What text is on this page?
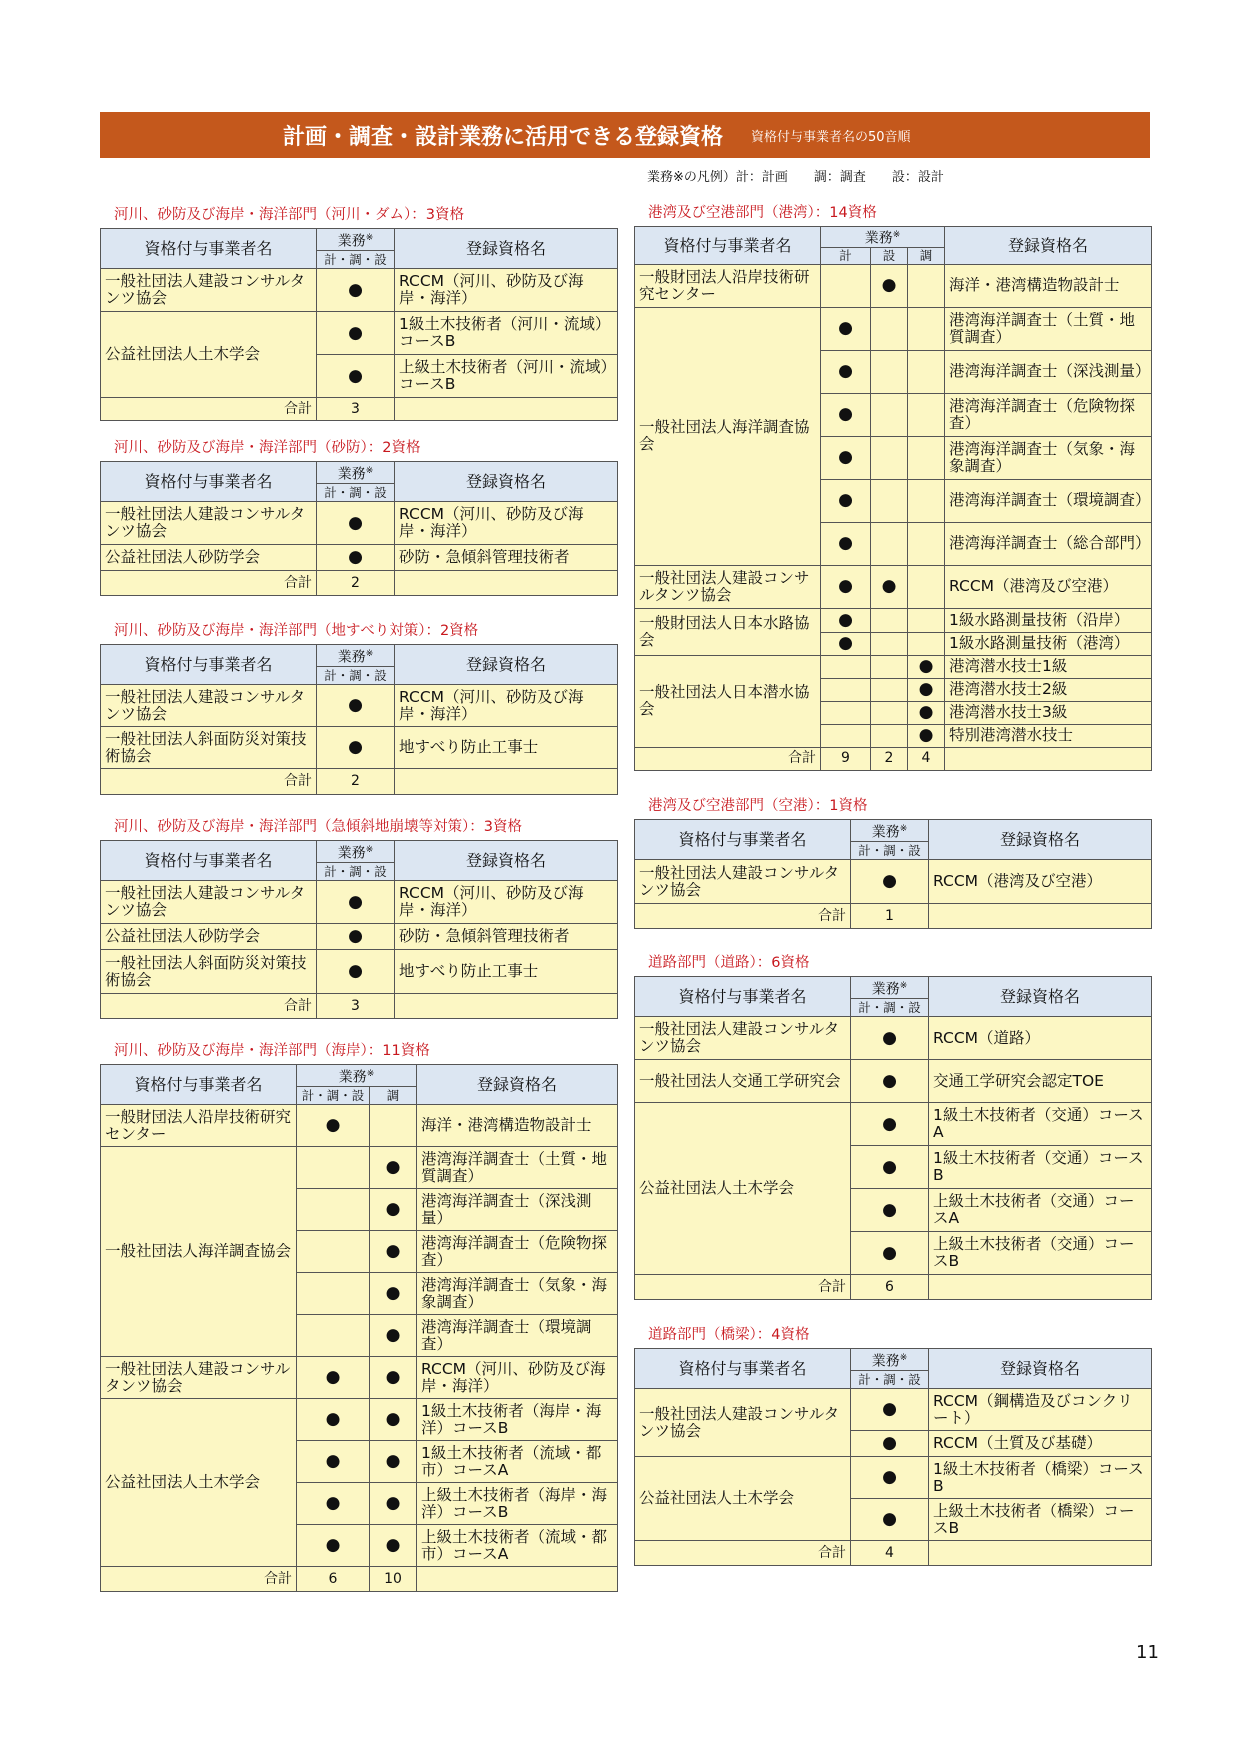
計画・調査・設計業務に活用できる登録資格 資格付与事業者名の50音順
業務※の凡例）計：計画　　調：調査　　設：設計
河川、砂防及び海岸・海洋部門（河川・ダム）：3資格
資格付与事業者名	業務※	登録資格名
	計・調・設	
一般社団法人建設コンサルタンツ協会	●	RCCM（河川、砂防及び海岸・海洋）
公益社団法人土木学会	●	1級土木技術者（河川・流域）コースB
	●	上級土木技術者（河川・流域）コースB
合計	3	
河川、砂防及び海岸・海洋部門（砂防）：2資格
資格付与事業者名	業務※	登録資格名
	計・調・設	
一般社団法人建設コンサルタンツ協会	●	RCCM（河川、砂防及び海岸・海洋）
公益社団法人砂防学会	●	砂防・急傾斜管理技術者
合計	2	
河川、砂防及び海岸・海洋部門（地すべり対策）：2資格
資格付与事業者名	業務※	登録資格名
	計・調・設	
一般社団法人建設コンサルタンツ協会	●	RCCM（河川、砂防及び海岸・海洋）
一般社団法人斜面防災対策技術協会	●	地すべり防止工事士
合計	2	
河川、砂防及び海岸・海洋部門（急傾斜地崩壊等対策）：3資格
資格付与事業者名	業務※	登録資格名
	計・調・設	
一般社団法人建設コンサルタンツ協会	●	RCCM（河川、砂防及び海岸・海洋）
公益社団法人砂防学会	●	砂防・急傾斜管理技術者
一般社団法人斜面防災対策技術協会	●	地すべり防止工事士
合計	3	
河川、砂防及び海岸・海洋部門（海岸）：11資格
資格付与事業者名	業務※		登録資格名
	計・調・設	調	
一般財団法人沿岸技術研究センター	●		海洋・港湾構造物設計士
一般社団法人海洋調査協会		●	港湾海洋調査士（土質・地質調査）
		●	港湾海洋調査士（深浅測量）
		●	港湾海洋調査士（危険物探査）
		●	港湾海洋調査士（気象・海象調査）
		●	港湾海洋調査士（環境調査）
一般社団法人建設コンサルタンツ協会	●	●	RCCM（河川、砂防及び海岸・海洋）
公益社団法人土木学会	●	●	1級土木技術者（海岸・海洋）コースB
	●	●	1級土木技術者（流域・都市）コースA
	●	●	上級土木技術者（海岸・海洋）コースB
	●	●	上級土木技術者（流域・都市）コースA
合計	6	10	
港湾及び空港部門（港湾）：14資格
資格付与事業者名	業務※			登録資格名
	計	設	調	
一般財団法人沿岸技術研究センター		●		海洋・港湾構造物設計士
一般社団法人海洋調査協会	●			港湾海洋調査士（土質・地質調査）
	●			港湾海洋調査士（深浅測量）
	●			港湾海洋調査士（危険物探査）
	●			港湾海洋調査士（気象・海象調査）
	●			港湾海洋調査士（環境調査）
	●			港湾海洋調査士（総合部門）
一般社団法人建設コンサルタンツ協会	●	●		RCCM（港湾及び空港）
一般財団法人日本水路協会	●			1級水路測量技術（沿岸）
	●			1級水路測量技術（港湾）
一般社団法人日本潜水協会			●	港湾潜水技士1級
			●	港湾潜水技士2級
			●	港湾潜水技士3級
			●	特別港湾潜水技士
合計	9	2	4	
港湾及び空港部門（空港）：1資格
資格付与事業者名	業務※	登録資格名
	計・調・設	
一般社団法人建設コンサルタンツ協会	●	RCCM（港湾及び空港）
合計	1	
道路部門（道路）：6資格
資格付与事業者名	業務※	登録資格名
	計・調・設	
一般社団法人建設コンサルタンツ協会	●	RCCM（道路）
一般社団法人交通工学研究会	●	交通工学研究会認定TOE
公益社団法人土木学会	●	1級土木技術者（交通）コースA
	●	1級土木技術者（交通）コースB
	●	上級土木技術者（交通）コースA
	●	上級土木技術者（交通）コースB
合計	6	
道路部門（橋梁）：4資格
資格付与事業者名	業務※	登録資格名
	計・調・設	
一般社団法人建設コンサルタンツ協会	●	RCCM（鋼構造及びコンクリート）
	●	RCCM（土質及び基礎）
公益社団法人土木学会	●	1級土木技術者（橋梁）コースB
	●	上級土木技術者（橋梁）コースB
合計	4	
11
